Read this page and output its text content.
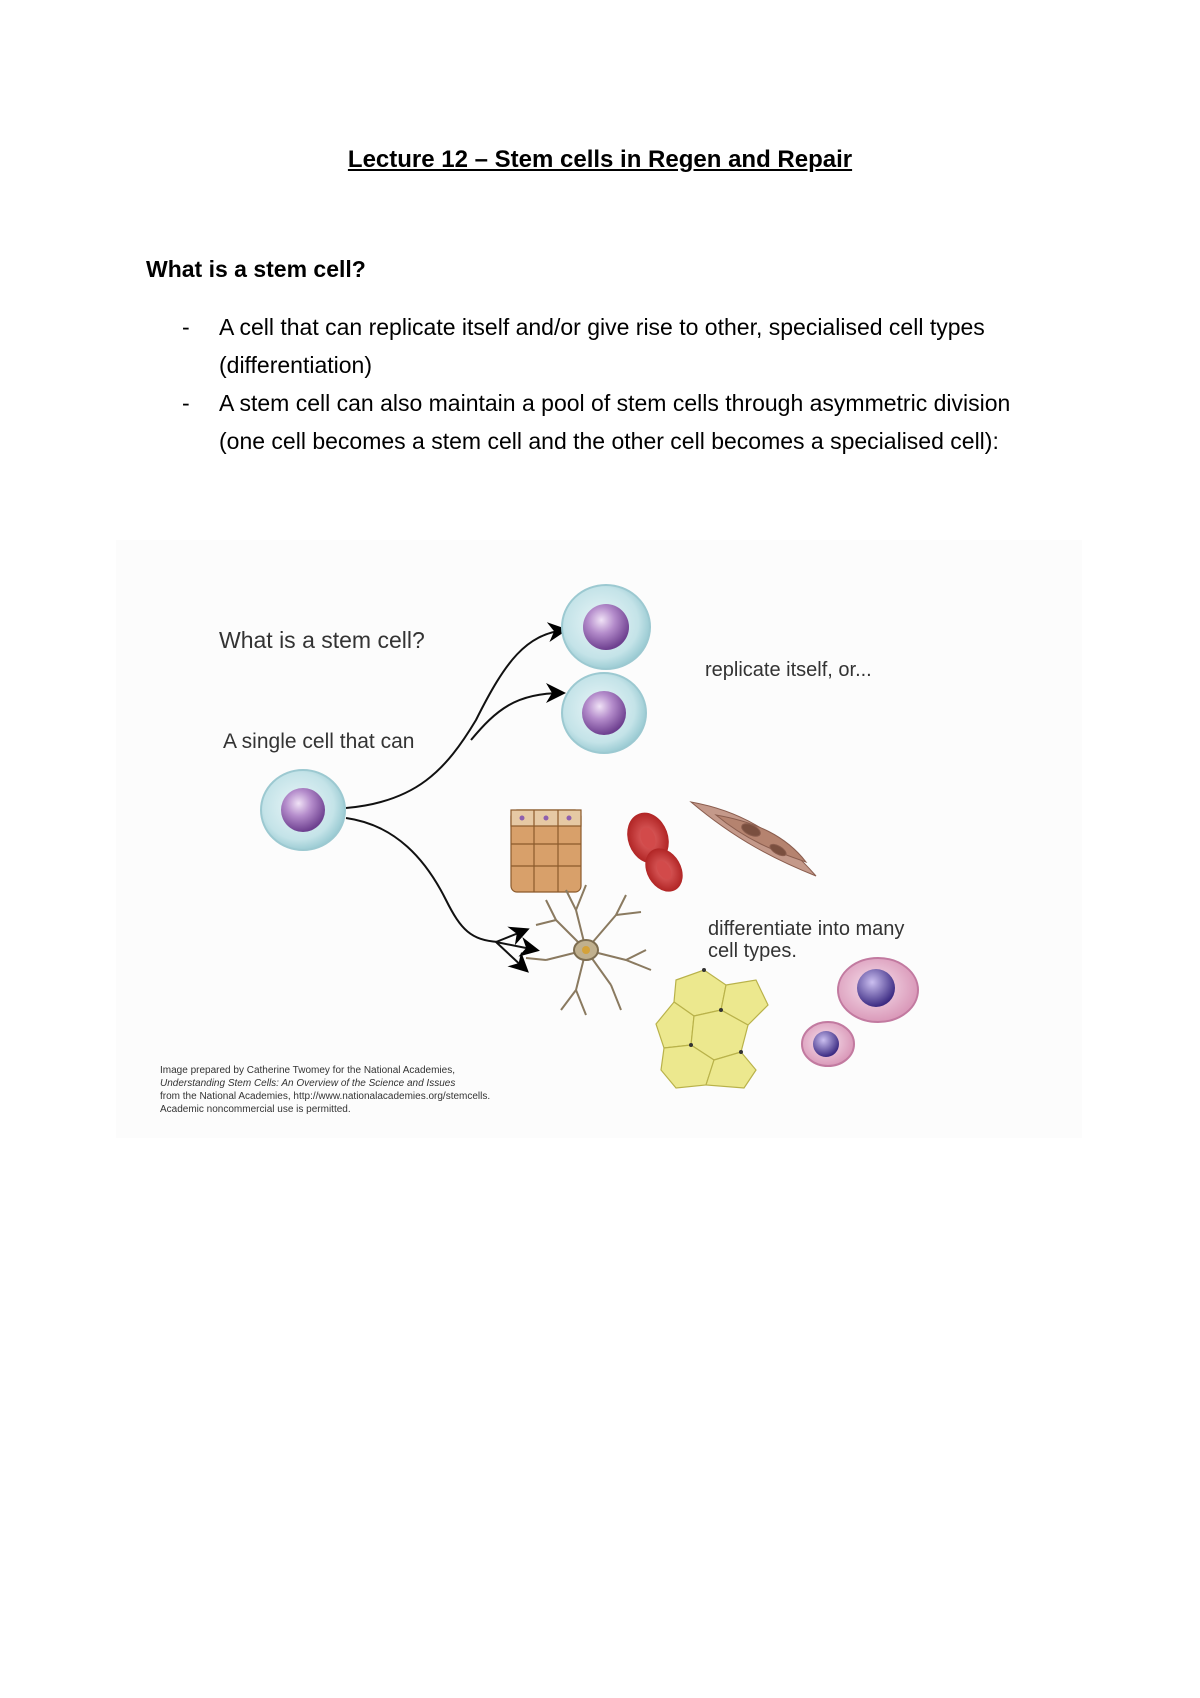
Lecture 12 – Stem cells in Regen and Repair
What is a stem cell?
- A cell that can replicate itself and/or give rise to other, specialised cell types (differentiation)
- A stem cell can also maintain a pool of stem cells through asymmetric division (one cell becomes a stem cell and the other cell becomes a specialised cell):
What is a stem cell?
A single cell that can
replicate itself, or...
differentiate into many
cell types.
Image prepared by Catherine Twomey for the National Academies,
Understanding Stem Cells: An Overview of the Science and Issues
from the National Academies, http://www.nationalacademies.org/stemcells.
Academic noncommercial use is permitted.
